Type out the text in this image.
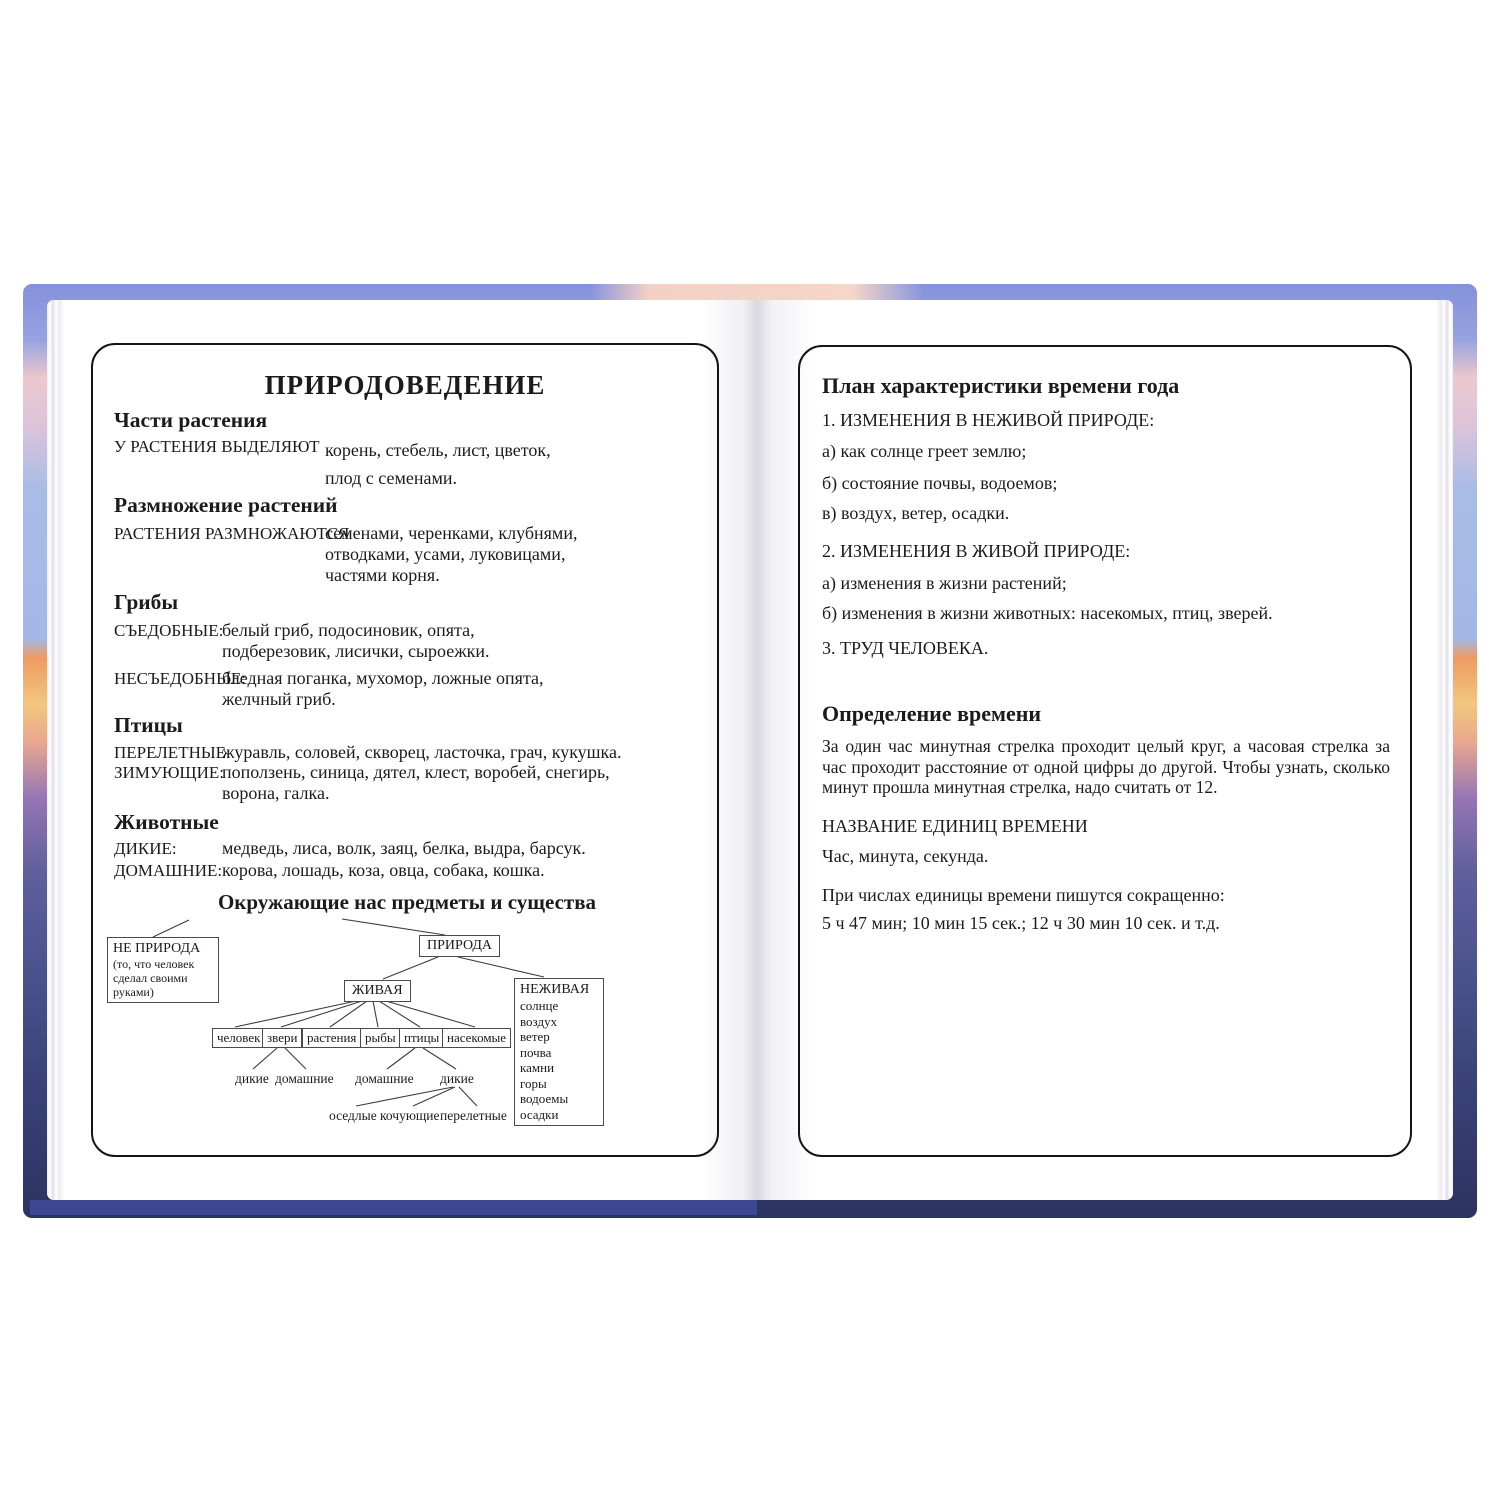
ПРИРОДОВЕДЕНИЕ
Части растения
У РАСТЕНИЯ ВЫДЕЛЯЮТ корень, стебель, лист, цветок,
плод с семенами.
Размножение растений
РАСТЕНИЯ РАЗМНОЖАЮТСЯ
семенами, черенками, клубнями,
отводками, усами, луковицами,
частями корня.
Грибы
СЪЕДОБНЫЕ:
белый гриб, подосиновик, опята,
подберезовик, лисички, сыроежки.
НЕСЪЕДОБНЫЕ:
бледная поганка, мухомор, ложные опята,
желчный гриб.
Птицы
ПЕРЕЛЕТНЫЕ:
журавль, соловей, скворец, ласточка, грач, кукушка.
ЗИМУЮЩИЕ:
поползень, синица, дятел, клест, воробей, снегирь,
ворона, галка.
Животные
ДИКИЕ:	медведь, лиса, волк, заяц, белка, выдра, барсук.
ДОМАШНИЕ: корова, лошадь, коза, овца, собака, кошка.
Окружающие нас предметы и существа
НЕ ПРИРОДА
(то, что человек сделал своими руками)
ПРИРОДА
ЖИВАЯ	НЕЖИВАЯ
солнце
воздух
ветер
почва
камни
горы
водоемы
осадки
человек звери растения рыбы птицы насекомые
дикие домашние домашние дикие
оседлые кочующие перелетные
План характеристики времени года
1. ИЗМЕНЕНИЯ В НЕЖИВОЙ ПРИРОДЕ:
а) как солнце греет землю;
б) состояние почвы, водоемов;
в) воздух, ветер, осадки.
2. ИЗМЕНЕНИЯ В ЖИВОЙ ПРИРОДЕ:
а) изменения в жизни растений;
б) изменения в жизни животных: насекомых, птиц, зверей.
3. ТРУД ЧЕЛОВЕКА.
Определение времени
За один час минутная стрелка проходит целый круг, а часовая стрелка за час проходит расстояние от одной цифры до другой. Чтобы узнать, сколько минут прошла минутная стрелка, надо считать от 12.
НАЗВАНИЕ ЕДИНИЦ ВРЕМЕНИ
Час, минута, секунда.
При числах единицы времени пишутся сокращенно:
5 ч 47 мин; 10 мин 15 сек.; 12 ч 30 мин 10 сек. и т.д.
